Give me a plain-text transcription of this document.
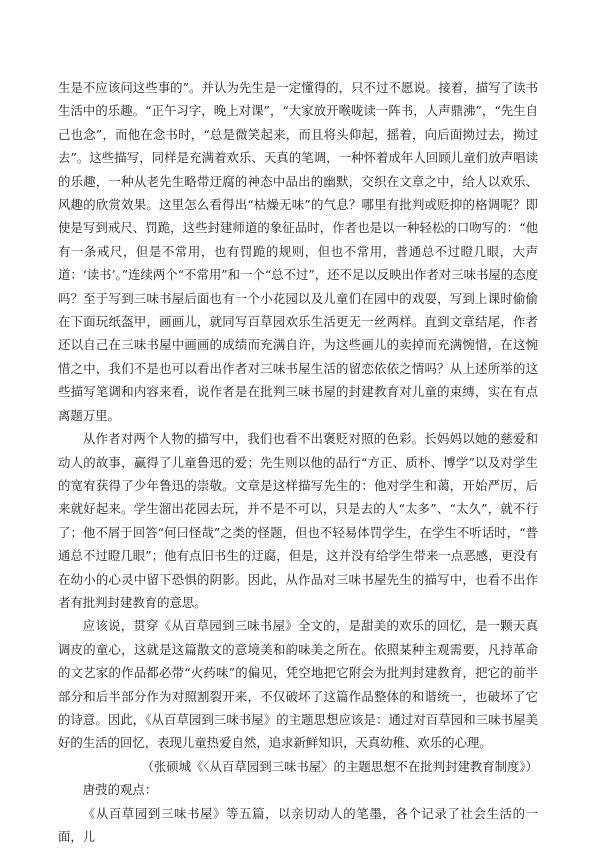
生是不应该问这些事的”。并认为先生是一定懂得的，只不过不愿说。接着，描写了读书生活中的乐趣。“正午习字，晚上对课”，“大家放开喉咙读一阵书，人声鼎沸”，“先生自己也念”，而他在念书时，“总是微笑起来，而且将头仰起，摇着，向后面拗过去，拗过去”。这些描写，同样是充满着欢乐、天真的笔调，一种怀着成年人回顾儿童们放声唱读的乐趣，一种从老先生略带迂腐的神态中品出的幽默，交织在文章之中，给人以欢乐、风趣的欣赏效果。这里怎么看得出“枯燥无味”的气息？哪里有批判或贬抑的格调呢？即使是写到戒尺、罚跪，这些封建师道的象征品时，作者也是以一种轻松的口吻写的：“他有一条戒尺，但是不常用，也有罚跪的规则，但也不常用，普通总不过瞪几眼，大声道：‘读书’。”连续两个“不常用”和一个“总不过”，还不足以反映出作者对三味书屋的态度吗？至于写到三味书屋后面也有一个小花园以及儿童们在园中的戏耍，写到上课时偷偷在下面玩纸盔甲，画画儿，就同写百草园欢乐生活更无一丝两样。直到文章结尾，作者还以自己在三味书屋中画画的成绩而充满自许，为这些画儿的卖掉而充满惋惜，在这惋惜之中，我们不是也可以看出作者对三味书屋生活的留恋依依之情吗？从上述所举的这些描写笔调和内容来看，说作者是在批判三味书屋的封建教育对儿童的束缚，实在有点离题万里。

从作者对两个人物的描写中，我们也看不出褒贬对照的色彩。长妈妈以她的慈爱和动人的故事，赢得了儿童鲁迅的爱；先生则以他的品行“方正、质朴、博学”以及对学生的宽宥获得了少年鲁迅的崇敬。文章是这样描写先生的：他对学生和蔼，开始严厉，后来就好起来。学生溜出花园去玩，并不是不可以，只是去的人“太多”、“太久”，就不行了；他不屑于回答“何曰怪哉”之类的怪题，但也不轻易体罚学生，在学生不听话时，“普通总不过瞪几眼”；他有点旧书生的迂腐，但是，这并没有给学生带来一点恶感，更没有在幼小的心灵中留下恐惧的阴影。因此，从作品对三味书屋先生的描写中，也看不出作者有批判封建教育的意思。

应该说，贯穿《从百草园到三味书屋》全文的，是甜美的欢乐的回忆，是一颗天真调皮的童心，这就是这篇散文的意境美和韵味美之所在。依照某种主观需要，凡持革命的文艺家的作品都必带“火药味”的偏见，凭空地把它附会为批判封建教育，把它的前半部分和后半部分作为对照割裂开来，不仅破坏了这篇作品整体的和谐统一，也破坏了它的诗意。因此，《从百草园到三味书屋》的主题思想应该是：通过对百草园和三味书屋美好的生活的回忆，表现儿童热爱自然，追求新鲜知识，天真幼稚、欢乐的心理。

（张硕城《〈从百草园到三味书屋〉的主题思想不在批判封建教育制度》）

唐弢的观点：

《从百草园到三味书屋》等五篇，以亲切动人的笔墨，各个记录了社会生活的一面，儿
